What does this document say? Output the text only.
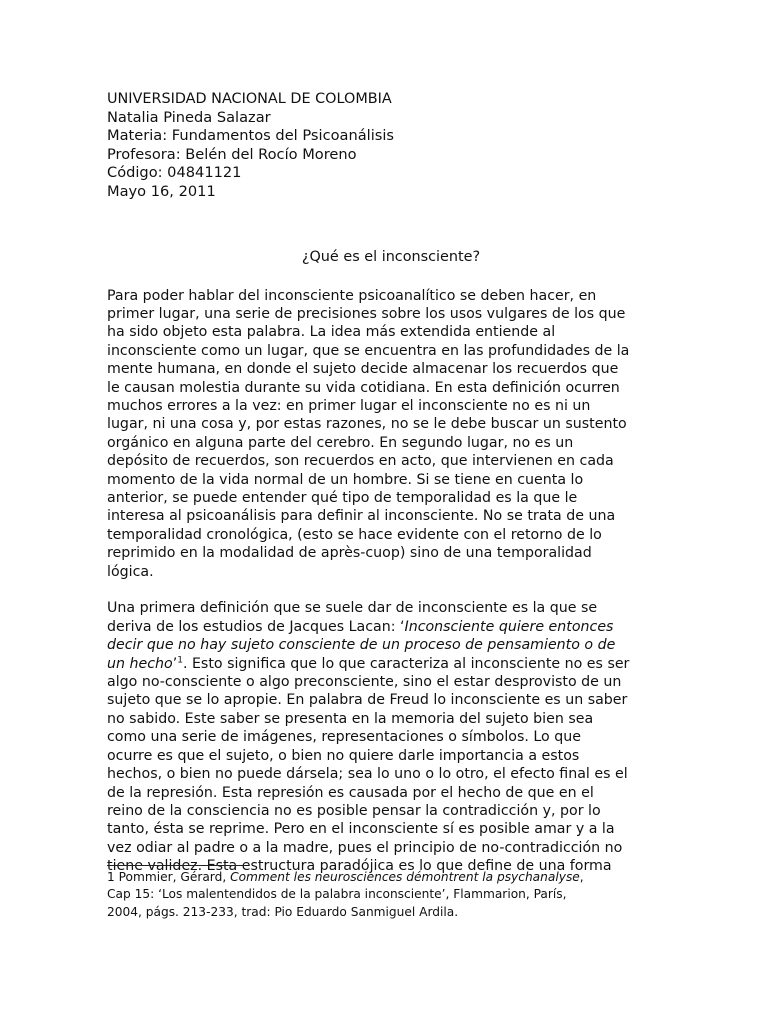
UNIVERSIDAD NACIONAL DE COLOMBIA

Natalia Pineda Salazar

Materia: Fundamentos del Psicoanálisis

Profesora: Belén del Rocío Moreno

Código: 04841121

Mayo 16, 2011

¿Qué es el inconsciente?
Para poder hablar del inconsciente psicoanalítico se deben hacer, en
primer lugar, una serie de precisiones sobre los usos vulgares de los que
ha sido objeto esta palabra. La idea más extendida entiende al
inconsciente como un lugar, que se encuentra en las profundidades de la
mente humana, en donde el sujeto decide almacenar los recuerdos que
le causan molestia durante su vida cotidiana. En esta definición ocurren
muchos errores a la vez: en primer lugar el inconsciente no es ni un
lugar, ni una cosa y, por estas razones, no se le debe buscar un sustento
orgánico en alguna parte del cerebro. En segundo lugar, no es un
depósito de recuerdos, son recuerdos en acto, que intervienen en cada
momento de la vida normal de un hombre. Si se tiene en cuenta lo
anterior, se puede entender qué tipo de temporalidad es la que le
interesa al psicoanálisis para definir al inconsciente. No se trata de una
temporalidad cronológica, (esto se hace evidente con el retorno de lo
reprimido en la modalidad de après-cuop) sino de una temporalidad
lógica.
Una primera definición que se suele dar de inconsciente es la que se
deriva de los estudios de Jacques Lacan: ‘Inconsciente quiere entonces
decir que no hay sujeto consciente de un proceso de pensamiento o de
un hecho’$^1$. Esto significa que lo que caracteriza al inconsciente no es ser
algo no-consciente o algo preconsciente, sino el estar desprovisto de un
sujeto que se lo apropie. En palabra de Freud lo inconsciente es un saber
no sabido. Este saber se presenta en la memoria del sujeto bien sea
como una serie de imágenes, representaciones o símbolos. Lo que
ocurre es que el sujeto, o bien no quiere darle importancia a estos
hechos, o bien no puede dársela; sea lo uno o lo otro, el efecto final es el
de la represión. Esta represión es causada por el hecho de que en el
reino de la consciencia no es posible pensar la contradicción y, por lo
tanto, ésta se reprime. Pero en el inconsciente sí es posible amar y a la
vez odiar al padre o a la madre, pues el principio de no-contradicción no
tiene validez. Esta estructura paradójica es lo que define de una forma
1 Pommier, Gérard, Comment les neurosciences démontrent la psychanalyse,
Cap 15: ‘Los malentendidos de la palabra inconsciente’, Flammarion, París,
2004, págs. 213-233, trad: Pio Eduardo Sanmiguel Ardila.
